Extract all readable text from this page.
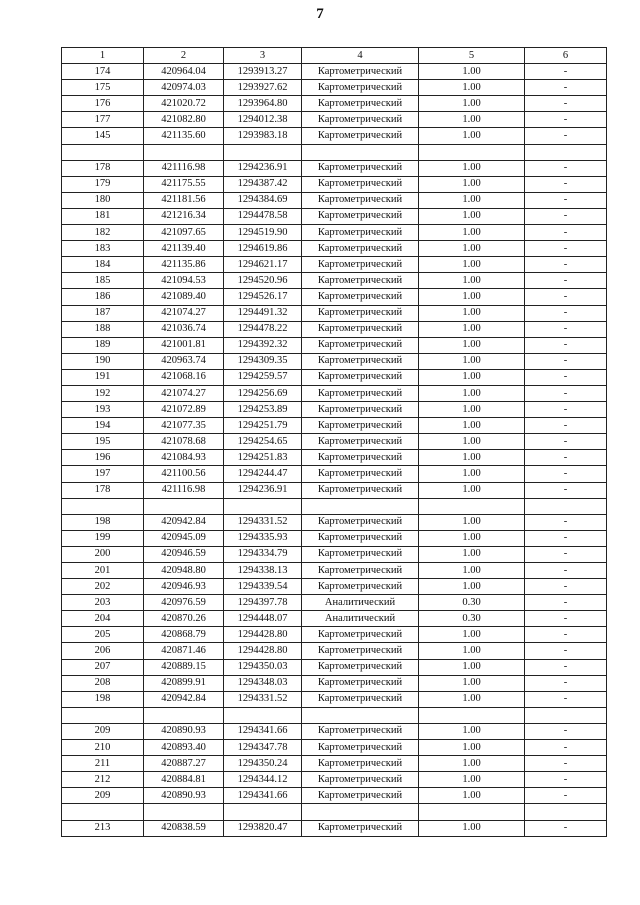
7
1	2	3	4	5	6
174	420964.04	1293913.27	Картометрический	1.00	-
175	420974.03	1293927.62	Картометрический	1.00	-
176	421020.72	1293964.80	Картометрический	1.00	-
177	421082.80	1294012.38	Картометрический	1.00	-
145	421135.60	1293983.18	Картометрический	1.00	-

178	421116.98	1294236.91	Картометрический	1.00	-
179	421175.55	1294387.42	Картометрический	1.00	-
180	421181.56	1294384.69	Картометрический	1.00	-
181	421216.34	1294478.58	Картометрический	1.00	-
182	421097.65	1294519.90	Картометрический	1.00	-
183	421139.40	1294619.86	Картометрический	1.00	-
184	421135.86	1294621.17	Картометрический	1.00	-
185	421094.53	1294520.96	Картометрический	1.00	-
186	421089.40	1294526.17	Картометрический	1.00	-
187	421074.27	1294491.32	Картометрический	1.00	-
188	421036.74	1294478.22	Картометрический	1.00	-
189	421001.81	1294392.32	Картометрический	1.00	-
190	420963.74	1294309.35	Картометрический	1.00	-
191	421068.16	1294259.57	Картометрический	1.00	-
192	421074.27	1294256.69	Картометрический	1.00	-
193	421072.89	1294253.89	Картометрический	1.00	-
194	421077.35	1294251.79	Картометрический	1.00	-
195	421078.68	1294254.65	Картометрический	1.00	-
196	421084.93	1294251.83	Картометрический	1.00	-
197	421100.56	1294244.47	Картометрический	1.00	-
178	421116.98	1294236.91	Картометрический	1.00	-

198	420942.84	1294331.52	Картометрический	1.00	-
199	420945.09	1294335.93	Картометрический	1.00	-
200	420946.59	1294334.79	Картометрический	1.00	-
201	420948.80	1294338.13	Картометрический	1.00	-
202	420946.93	1294339.54	Картометрический	1.00	-
203	420976.59	1294397.78	Аналитический	0.30	-
204	420870.26	1294448.07	Аналитический	0.30	-
205	420868.79	1294428.80	Картометрический	1.00	-
206	420871.46	1294428.80	Картометрический	1.00	-
207	420889.15	1294350.03	Картометрический	1.00	-
208	420899.91	1294348.03	Картометрический	1.00	-
198	420942.84	1294331.52	Картометрический	1.00	-

209	420890.93	1294341.66	Картометрический	1.00	-
210	420893.40	1294347.78	Картометрический	1.00	-
211	420887.27	1294350.24	Картометрический	1.00	-
212	420884.81	1294344.12	Картометрический	1.00	-
209	420890.93	1294341.66	Картометрический	1.00	-

213	420838.59	1293820.47	Картометрический	1.00	-
